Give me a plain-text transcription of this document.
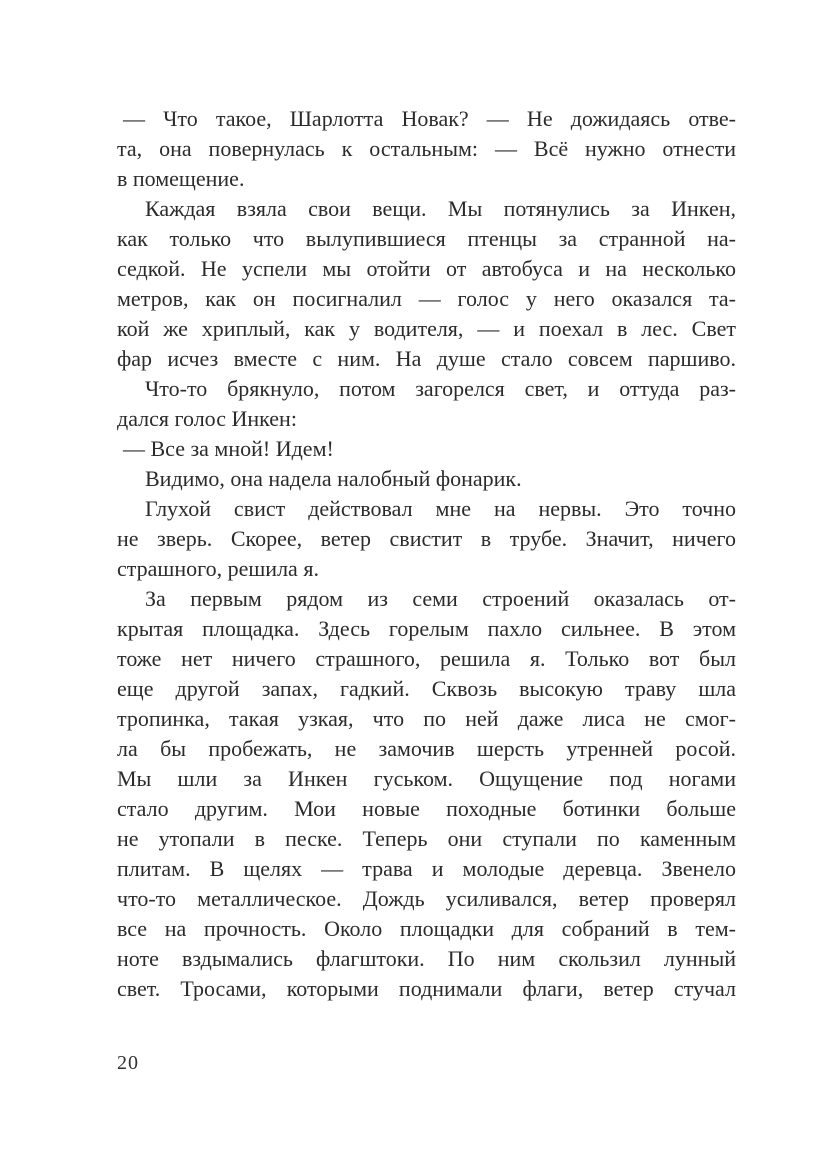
— Что такое, Шарлотта Новак? — Не дожидаясь отве-
та, она повернулась к остальным: — Всё нужно отнести
в помещение.
Каждая взяла свои вещи. Мы потянулись за Инкен,
как только что вылупившиеся птенцы за странной на-
седкой. Не успели мы отойти от автобуса и на несколько
метров, как он посигналил — голос у него оказался та-
кой же хриплый, как у водителя, — и поехал в лес. Свет
фар исчез вместе с ним. На душе стало совсем паршиво.
Что-то брякнуло, потом загорелся свет, и оттуда раз-
дался голос Инкен:
— Все за мной! Идем!
Видимо, она надела налобный фонарик.
Глухой свист действовал мне на нервы. Это точно
не зверь. Скорее, ветер свистит в трубе. Значит, ничего
страшного, решила я.
За первым рядом из семи строений оказалась от-
крытая площадка. Здесь горелым пахло сильнее. В этом
тоже нет ничего страшного, решила я. Только вот был
еще другой запах, гадкий. Сквозь высокую траву шла
тропинка, такая узкая, что по ней даже лиса не смог-
ла бы пробежать, не замочив шерсть утренней росой.
Мы шли за Инкен гуськом. Ощущение под ногами
стало другим. Мои новые походные ботинки больше
не утопали в песке. Теперь они ступали по каменным
плитам. В щелях — трава и молодые деревца. Звенело
что-то металлическое. Дождь усиливался, ветер проверял
все на прочность. Около площадки для собраний в тем-
ноте вздымались флагштоки. По ним скользил лунный
свет. Тросами, которыми поднимали флаги, ветер стучал
20
